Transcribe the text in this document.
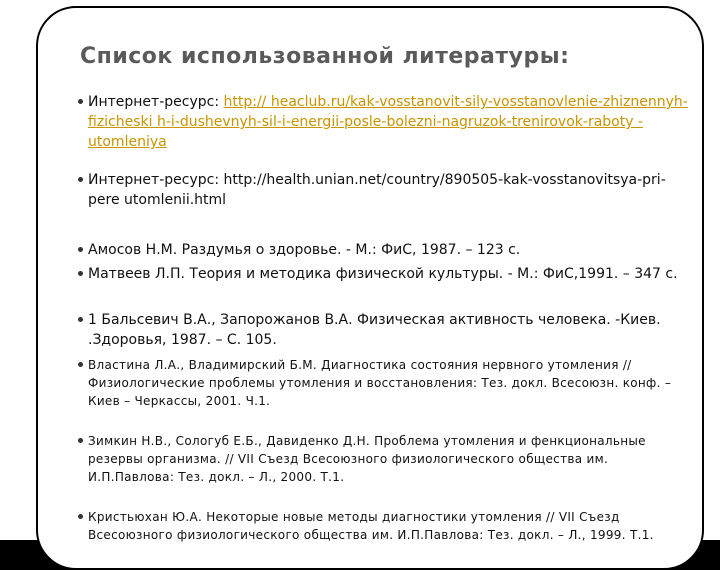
Список использованной литературы:

Интернет-ресурс: http:// heaclub.ru/kak-vosstanovit-sily-vosstanovlenie-zhiznennyh-fizicheski h-i-dushevnyh-sil-i-energii-posle-bolezni-nagruzok-trenirovok-raboty -utomleniya

Интернет-ресурс: http://health.unian.net/country/890505-kak-vosstanovitsya-pri-pere utomlenii.html

Амосов Н.М. Раздумья о здоровье. - М.: ФиС, 1987. – 123 с.

Матвеев Л.П. Теория и методика физической культуры. - М.: ФиС,1991. – 347 с.

1 Бальсевич В.А., Запорожанов В.А. Физическая активность человека. -Киев. .Здоровья, 1987. – С. 105.

Властина Л.А., Владимирский Б.М. Диагностика состояния нервного утомления // Физиологические проблемы утомления и восстановления: Тез. докл. Всесоюзн. конф. – Киев – Черкассы, 2001. Ч.1.

Зимкин Н.В., Сологуб Е.Б., Давиденко Д.Н. Проблема утомления и фенкциональные резервы организма. // VII Съезд Всесоюзного физиологического общества им. И.П.Павлова: Тез. докл. – Л., 2000. Т.1.

Кристьюхан Ю.А. Некоторые новые методы диагностики утомления // VII Съезд Всесоюзного физиологического общества им. И.П.Павлова: Тез. докл. – Л., 1999. Т.1.
